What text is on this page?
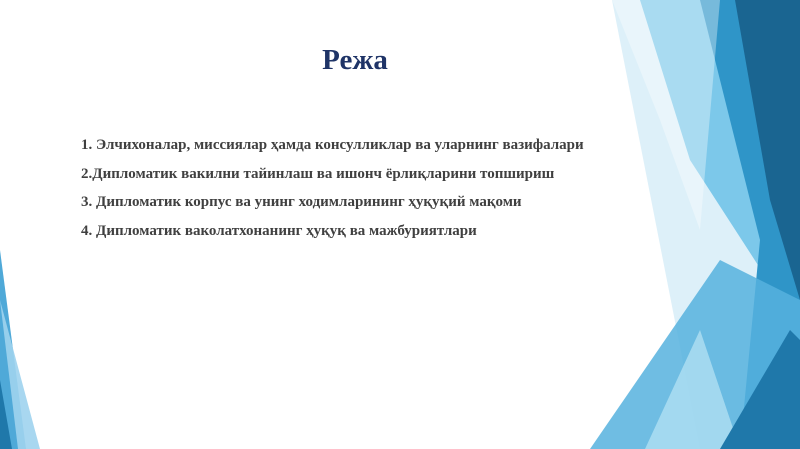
Режа
1. Элчихоналар, миссиялар ҳамда консулликлар ва уларнинг вазифалари
2.Дипломатик вакилни тайинлаш ва ишонч ёрлиқларини топшириш
3. Дипломатик корпус ва унинг ходимларининг ҳуқуқий мақоми
4. Дипломатик ваколатхонанинг ҳуқуқ ва мажбуриятлари
